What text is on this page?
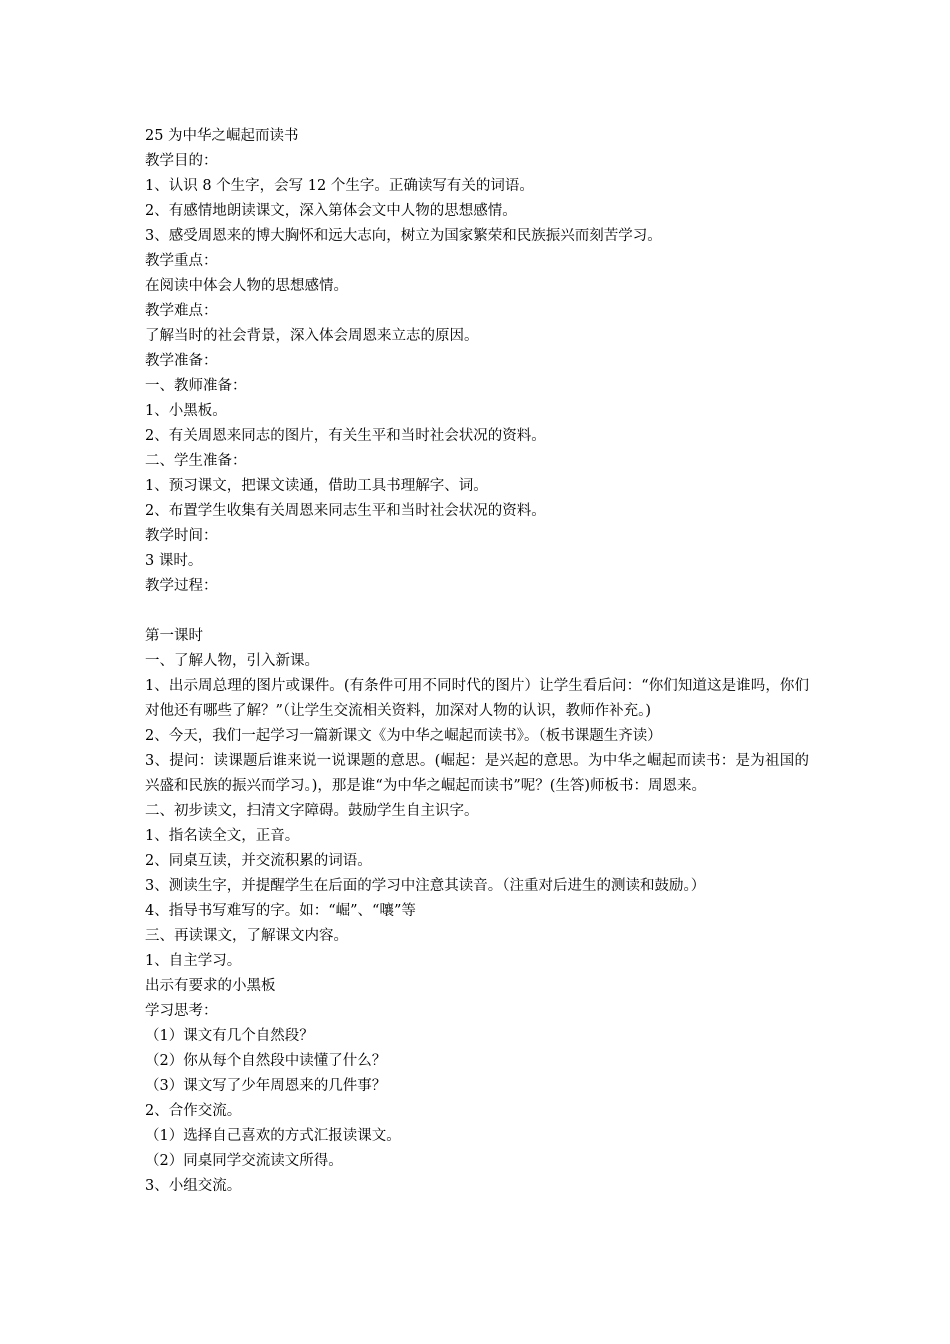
25 为中华之崛起而读书
教学目的：
1、认识 8 个生字，会写 12 个生字。正确读写有关的词语。
2、有感情地朗读课文，深入第体会文中人物的思想感情。
3、感受周恩来的博大胸怀和远大志向，树立为国家繁荣和民族振兴而刻苦学习。
教学重点：
在阅读中体会人物的思想感情。
教学难点：
了解当时的社会背景，深入体会周恩来立志的原因。
教学准备：
一、教师准备：
1、小黑板。
2、有关周恩来同志的图片，有关生平和当时社会状况的资料。
二、学生准备：
1、预习课文，把课文读通，借助工具书理解字、词。
2、布置学生收集有关周恩来同志生平和当时社会状况的资料。
教学时间：
3 课时。
教学过程：
第一课时
一、了解人物，引入新课。
1、出示周总理的图片或课件。(有条件可用不同时代的图片）让学生看后问：“你们知道这是谁吗，你们对他还有哪些了解？”（让学生交流相关资料，加深对人物的认识，教师作补充。)
2、今天，我们一起学习一篇新课文《为中华之崛起而读书》。（板书课题生齐读）
3、提问：读课题后谁来说一说课题的意思。(崛起：是兴起的意思。为中华之崛起而读书：是为祖国的兴盛和民族的振兴而学习。)，那是谁“为中华之崛起而读书”呢？(生答)师板书：周恩来。
二、初步读文，扫清文字障碍。鼓励学生自主识字。
1、指名读全文，正音。
2、同桌互读，并交流积累的词语。
3、测读生字，并提醒学生在后面的学习中注意其读音。（注重对后进生的测读和鼓励。）
4、指导书写难写的字。如：“崛”、“嚷”等
三、再读课文，了解课文内容。
1、自主学习。
出示有要求的小黑板
学习思考：
（1）课文有几个自然段？
（2）你从每个自然段中读懂了什么？
（3）课文写了少年周恩来的几件事？
2、合作交流。
（1）选择自己喜欢的方式汇报读课文。
（2）同桌同学交流读文所得。
3、小组交流。
